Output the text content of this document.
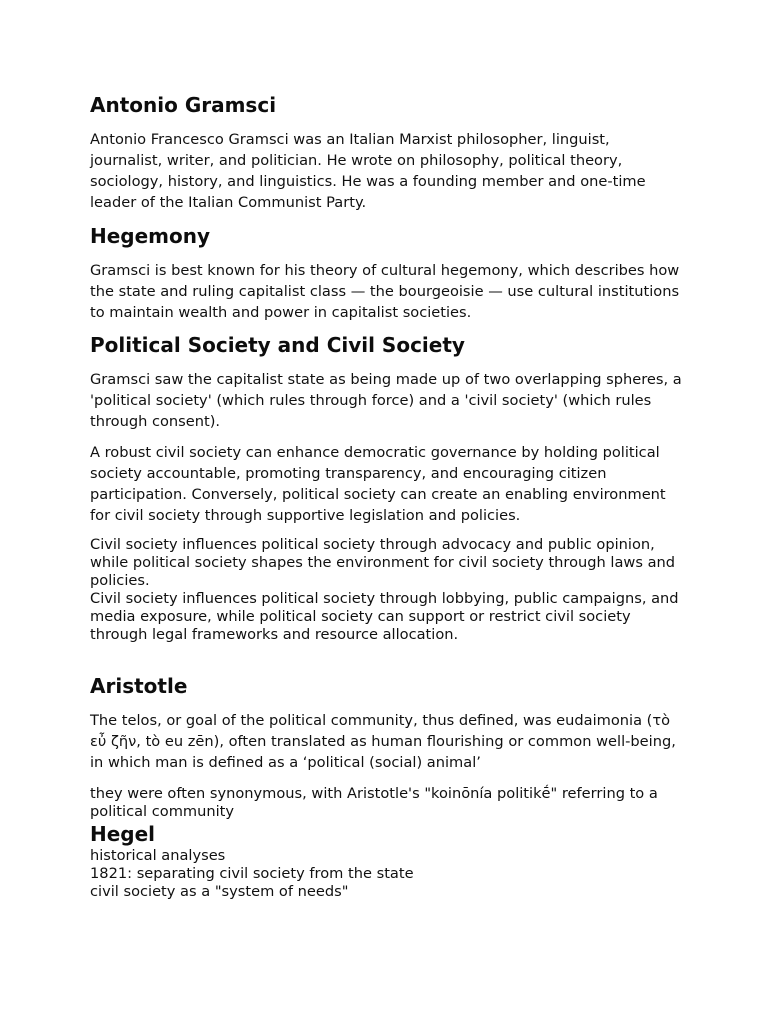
Antonio Gramsci

Antonio Francesco Gramsci was an Italian Marxist philosopher, linguist, journalist, writer, and politician. He wrote on philosophy, political theory, sociology, history, and linguistics. He was a founding member and one-time leader of the Italian Communist Party.

Hegemony

Gramsci is best known for his theory of cultural hegemony, which describes how the state and ruling capitalist class — the bourgeoisie — use cultural institutions to maintain wealth and power in capitalist societies.

Political Society and Civil Society

Gramsci saw the capitalist state as being made up of two overlapping spheres, a 'political society' (which rules through force) and a 'civil society' (which rules through consent).

A robust civil society can enhance democratic governance by holding political society accountable, promoting transparency, and encouraging citizen participation. Conversely, political society can create an enabling environment for civil society through supportive legislation and policies.

Civil society influences political society through advocacy and public opinion, while political society shapes the environment for civil society through laws and policies.

Civil society influences political society through lobbying, public campaigns, and media exposure, while political society can support or restrict civil society through legal frameworks and resource allocation.

Aristotle

The telos, or goal of the political community, thus defined, was eudaimonia (τὸ εὖ ζῆν, tò eu zēn), often translated as human flourishing or common well-being, in which man is defined as a ‘political (social) animal’

they were often synonymous, with Aristotle's "koinōnía politikḗ" referring to a political community

Hegel
historical analyses
1821: separating civil society from the state
civil society as a "system of needs"
